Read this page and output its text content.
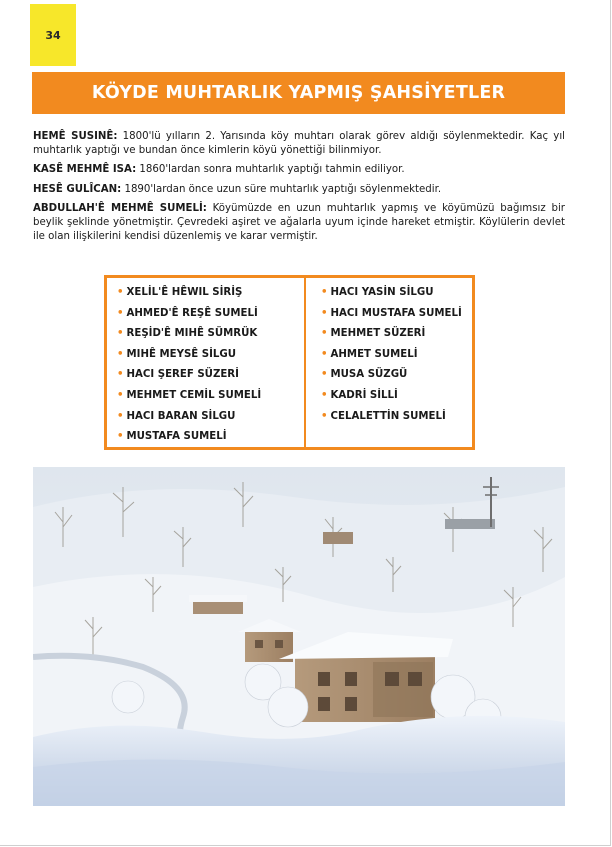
34
KÖYDE MUHTARLIK YAPMIŞ ŞAHSİYETLER

HEMÊ SUSINÊ: 1800'lü yılların 2. Yarısında köy muhtarı olarak görev aldığı söylenmektedir. Kaç yıl muhtarlık yaptığı ve bundan önce kimlerin köyü yönettiği bilinmiyor.

KASÊ MEHMÊ ISA: 1860'lardan sonra muhtarlık yaptığı tahmin ediliyor.

HESÊ GULÎCAN: 1890'lardan önce uzun süre muhtarlık yaptığı söylenmektedir.

ABDULLAH'Ê MEHMÊ SUMELİ: Köyümüzde en uzun muhtarlık yapmış ve köyümüzü bağımsız bir beylik şeklinde yönetmiştir. Çevredeki aşiret ve ağalarla uyum içinde hareket etmiştir. Köylülerin devlet ile olan ilişkilerini kendisi düzenlemiş ve karar vermiştir.

• XELİL'Ê HÊWIL SİRİŞ
• AHMED'Ê REŞÊ SUMELİ
• REŞİD'Ê MIHÊ SÜMRÜK
• MIHÊ MEYSÊ SİLGU
• HACI ŞEREF SÜZERİ
• MEHMET CEMİL SUMELİ
• HACI BARAN SİLGU
• MUSTAFA SUMELİ
• HACI YASİN SİLGU
• HACI MUSTAFA SUMELİ
• MEHMET SÜZERİ
• AHMET SUMELİ
• MUSA SÜZGÜ
• KADRİ SİLLİ
• CELALETTİN SUMELİ
